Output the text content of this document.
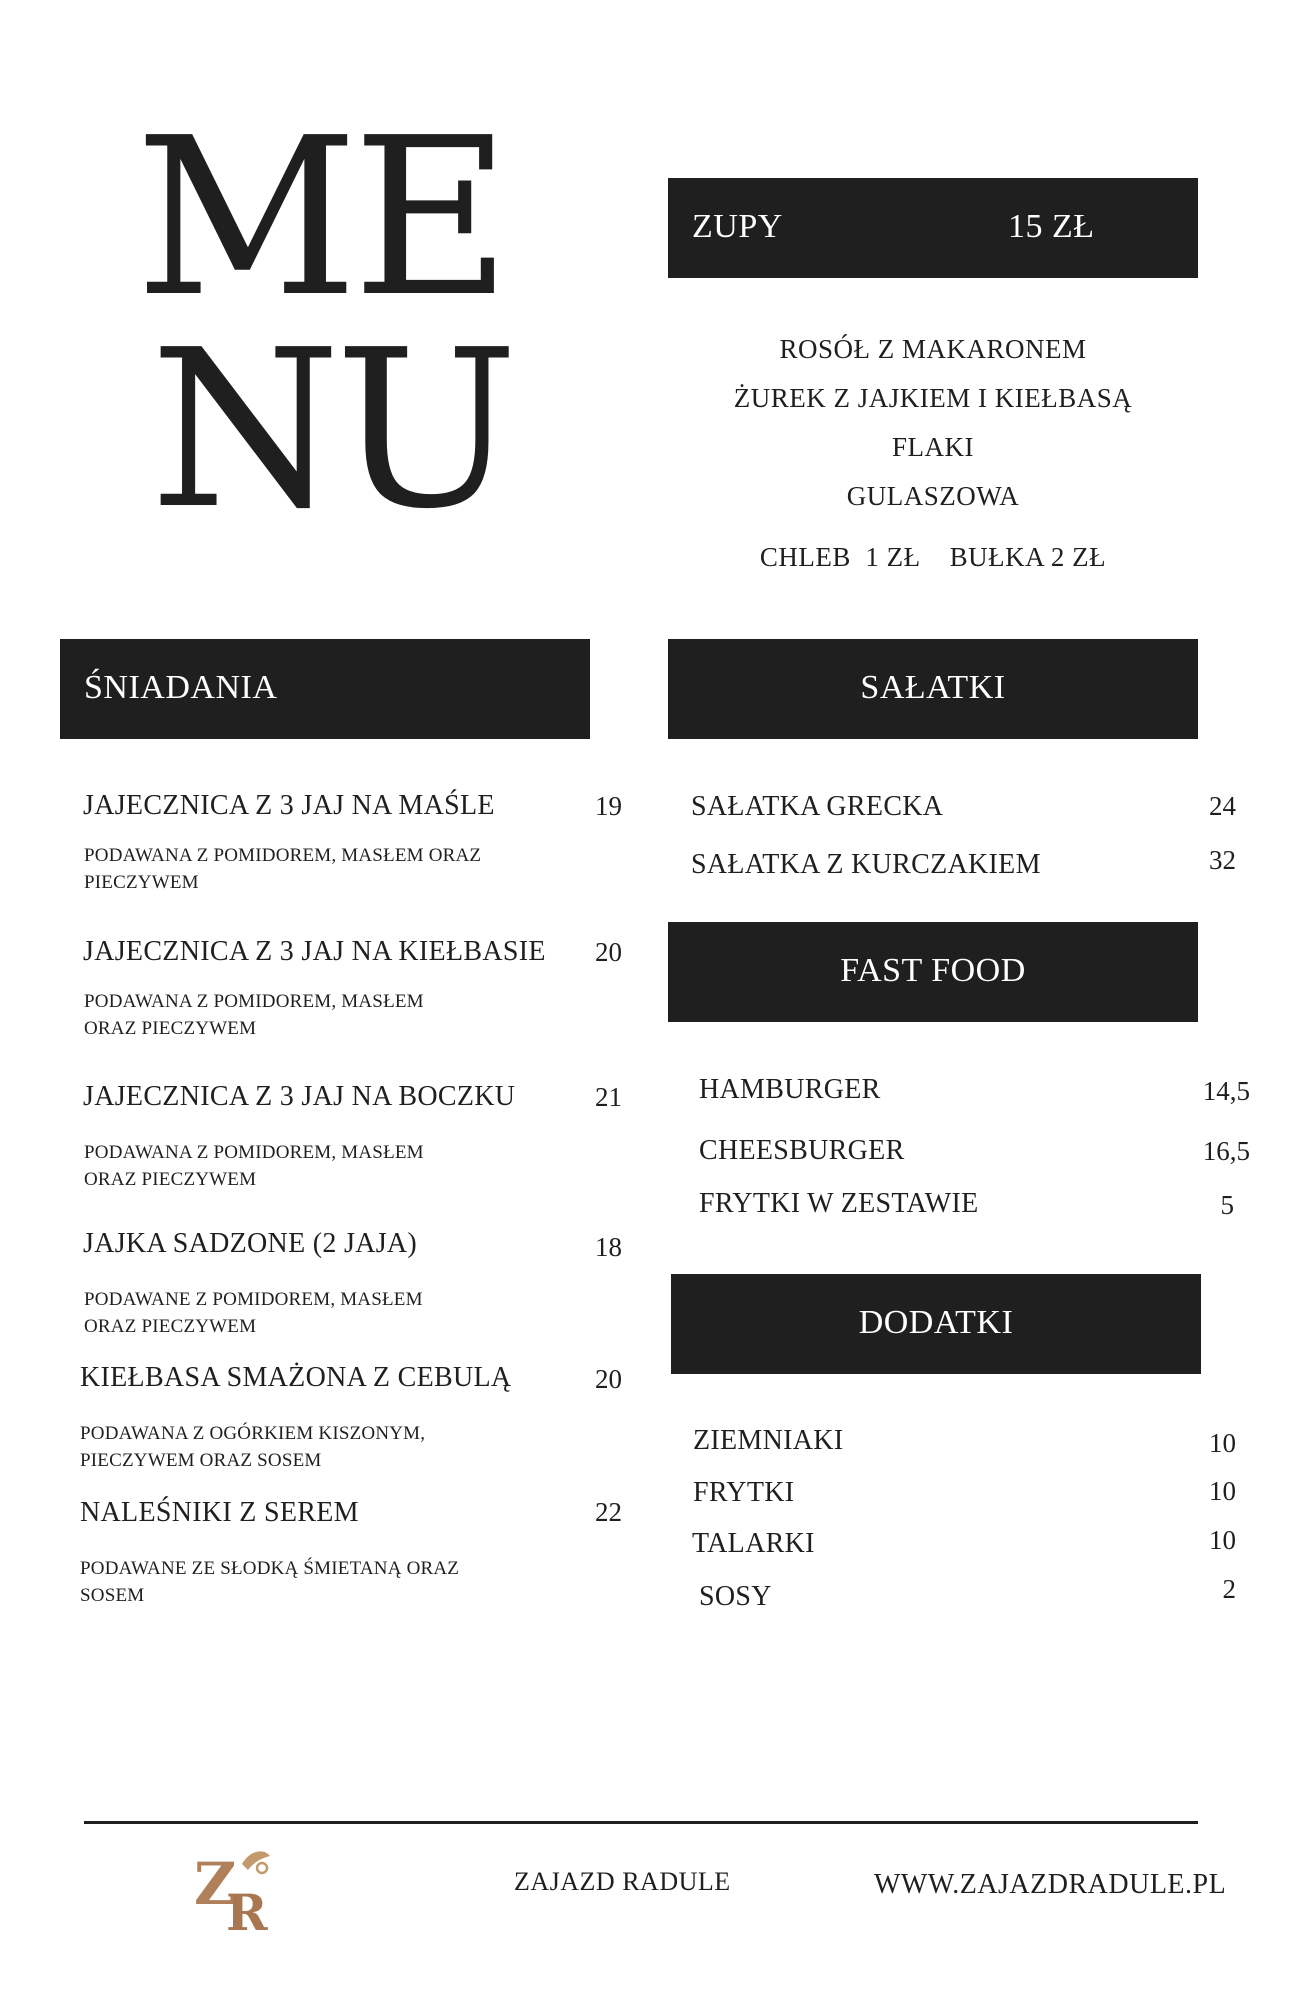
ME
NU
ZUPY	15 ZŁ
ROSÓŁ Z MAKARONEM
ŻUREK Z JAJKIEM I KIEŁBASĄ
FLAKI
GULASZOWA
CHLEB  1 ZŁ    BUŁKA 2 ZŁ
ŚNIADANIA
JAJECZNICA Z 3 JAJ NA MAŚLE	19
PODAWANA Z POMIDOREM, MASŁEM ORAZ
PIECZYWEM
JAJECZNICA Z 3 JAJ NA KIEŁBASIE	20
PODAWANA Z POMIDOREM, MASŁEM
ORAZ PIECZYWEM
JAJECZNICA Z 3 JAJ NA BOCZKU	21
PODAWANA Z POMIDOREM, MASŁEM
ORAZ PIECZYWEM
JAJKA SADZONE (2 JAJA)	18
PODAWANE Z POMIDOREM, MASŁEM
ORAZ PIECZYWEM
KIEŁBASA SMAŻONA Z CEBULĄ	20
PODAWANA Z OGÓRKIEM KISZONYM,
PIECZYWEM ORAZ SOSEM
NALEŚNIKI Z SEREM	22
PODAWANE ZE SŁODKĄ ŚMIETANĄ ORAZ
SOSEM
SAŁATKI
SAŁATKA GRECKA	24
SAŁATKA Z KURCZAKIEM	32
FAST FOOD
HAMBURGER	14,5
CHEESBURGER	16,5
FRYTKI W ZESTAWIE	5
DODATKI
ZIEMNIAKI	10
FRYTKI	10
TALARKI	10
SOSY	2
Z
R
ZAJAZD RADULE	WWW.ZAJAZDRADULE.PL
